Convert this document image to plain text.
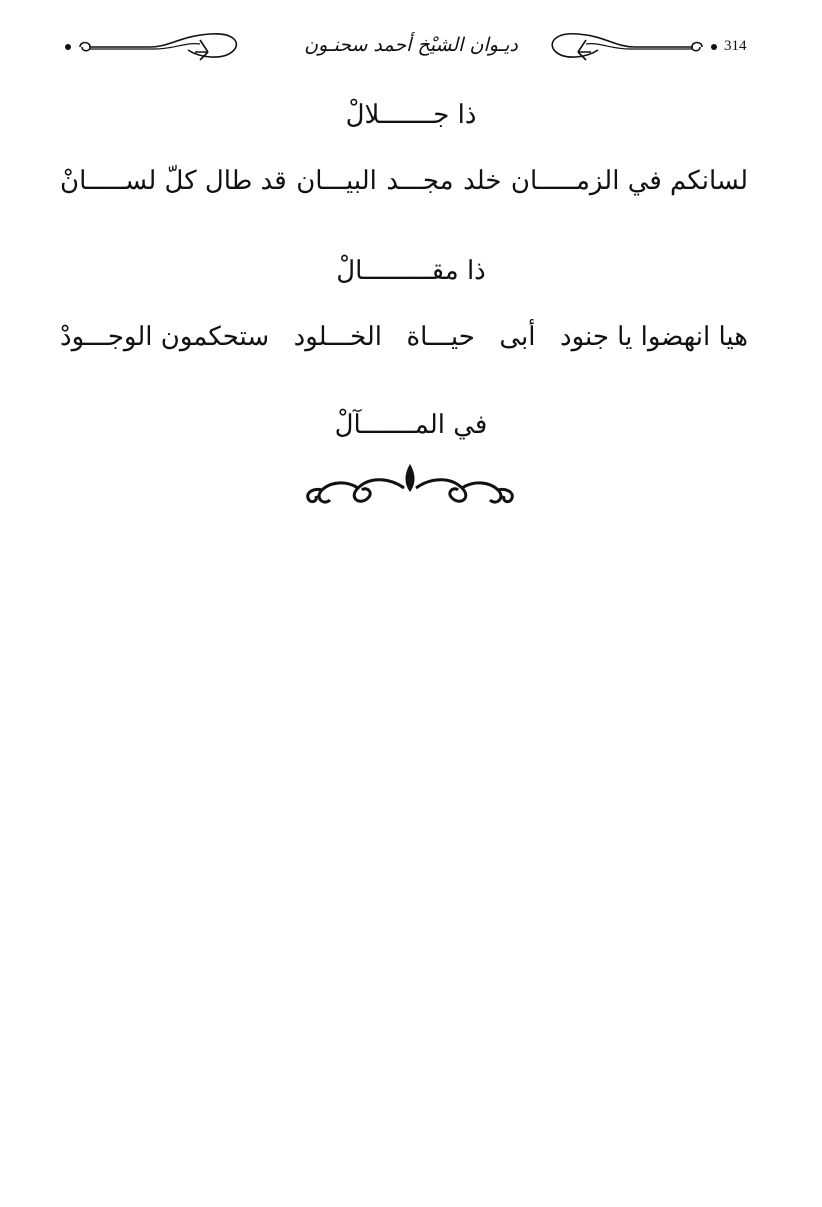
314
ديـوان الشيْخ أحمد سحنـون
ذا جـــــــلالْ
لسانكم في الزمـــــان
خلد
مجـــد
البيـــان
قد طال كلّ لســـــانْ
ذا مقـــــــــالْ
هيا انهضوا يا جنود
أبى
حيـــاة
الخـــلود
ستحكمون الوجـــودْ
في المـــــــآلْ
